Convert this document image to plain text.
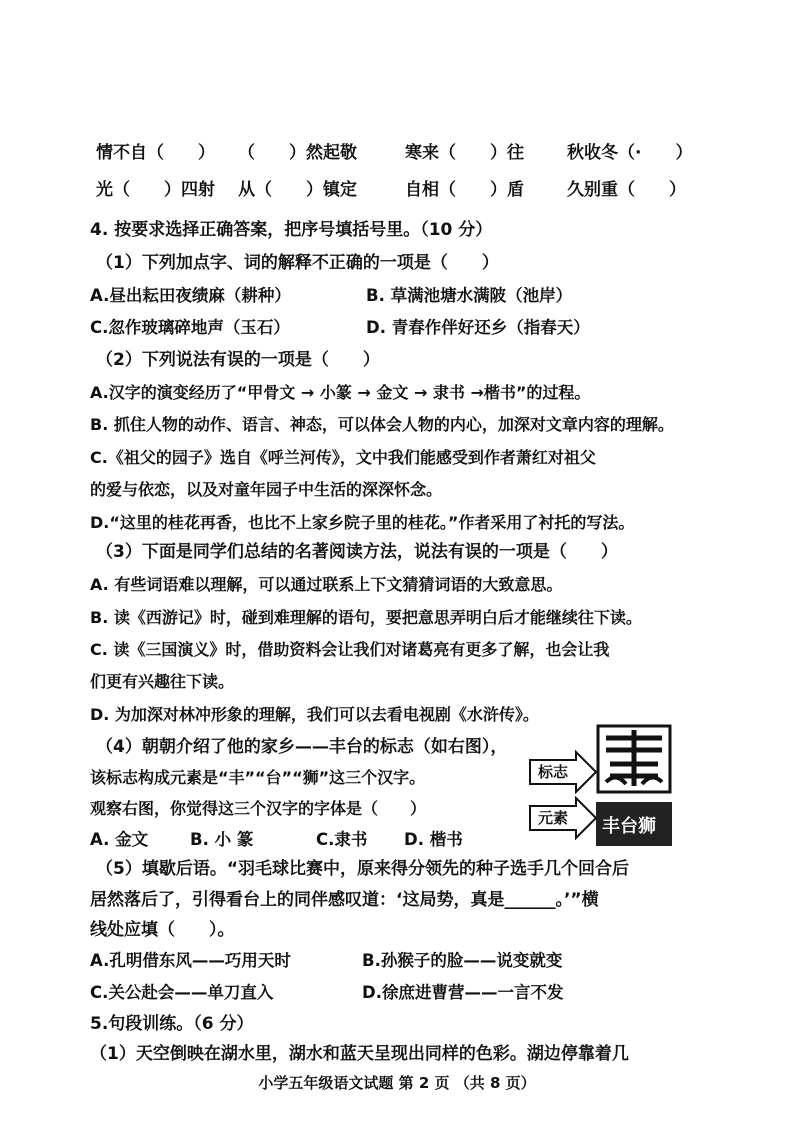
情不自（　　） （　　）然起敬	寒来（　　）往	秋收冬（·　　）
光（　　）四射 从（　　）镇定	自相（　　）盾	久别重（　　）
4. 按要求选择正确答案，把序号填括号里。（10 分）
（1）下列加点字、词的解释不正确的一项是（　　）
A.昼出耘田夜绩麻（耕种）	B. 草满池塘水满陂（池岸）
C.忽作玻璃碎地声（玉石）	D. 青春作伴好还乡（指春天）
（2）下列说法有误的一项是（　　）
A.汉字的演变经历了“甲骨文 → 小篆 → 金文 → 隶书 →楷书”的过程。
B. 抓住人物的动作、语言、神态，可以体会人物的内心，加深对文章内容的理解。
C.《祖父的园子》选自《呼兰河传》，文中我们能感受到作者萧红对祖父
的爱与依恋，以及对童年园子中生活的深深怀念。
D.“这里的桂花再香，也比不上家乡院子里的桂花。”作者采用了衬托的写法。
（3）下面是同学们总结的名著阅读方法，说法有误的一项是（　　）
A. 有些词语难以理解，可以通过联系上下文猜猜词语的大致意思。
B. 读《西游记》时，碰到难理解的语句，要把意思弄明白后才能继续往下读。
C. 读《三国演义》时，借助资料会让我们对诸葛亮有更多了解，也会让我
们更有兴趣往下读。
D. 为加深对林冲形象的理解，我们可以去看电视剧《水浒传》。
（4）朝朝介绍了他的家乡——丰台的标志（如右图），
该标志构成元素是“丰”“台”“狮”这三个汉字。
观察右图，你觉得这三个汉字的字体是（　　）
A. 金文	B. 小 篆	C.隶书 D. 楷书
标志
元素 丰台狮
（5）填歇后语。“羽毛球比赛中，原来得分领先的种子选手几个回合后
居然落后了，引得看台上的同伴感叹道：‘这局势，真是______。’”横
线处应填（　　）。
A.孔明借东风——巧用天时	B.孙猴子的脸——说变就变
C.关公赴会——单刀直入	D.徐庶进曹营——一言不发
5.句段训练。（6 分）
（1）天空倒映在湖水里，湖水和蓝天呈现出同样的色彩。湖边停靠着几
小学五年级语文试题 第 2 页 （共 8 页）
